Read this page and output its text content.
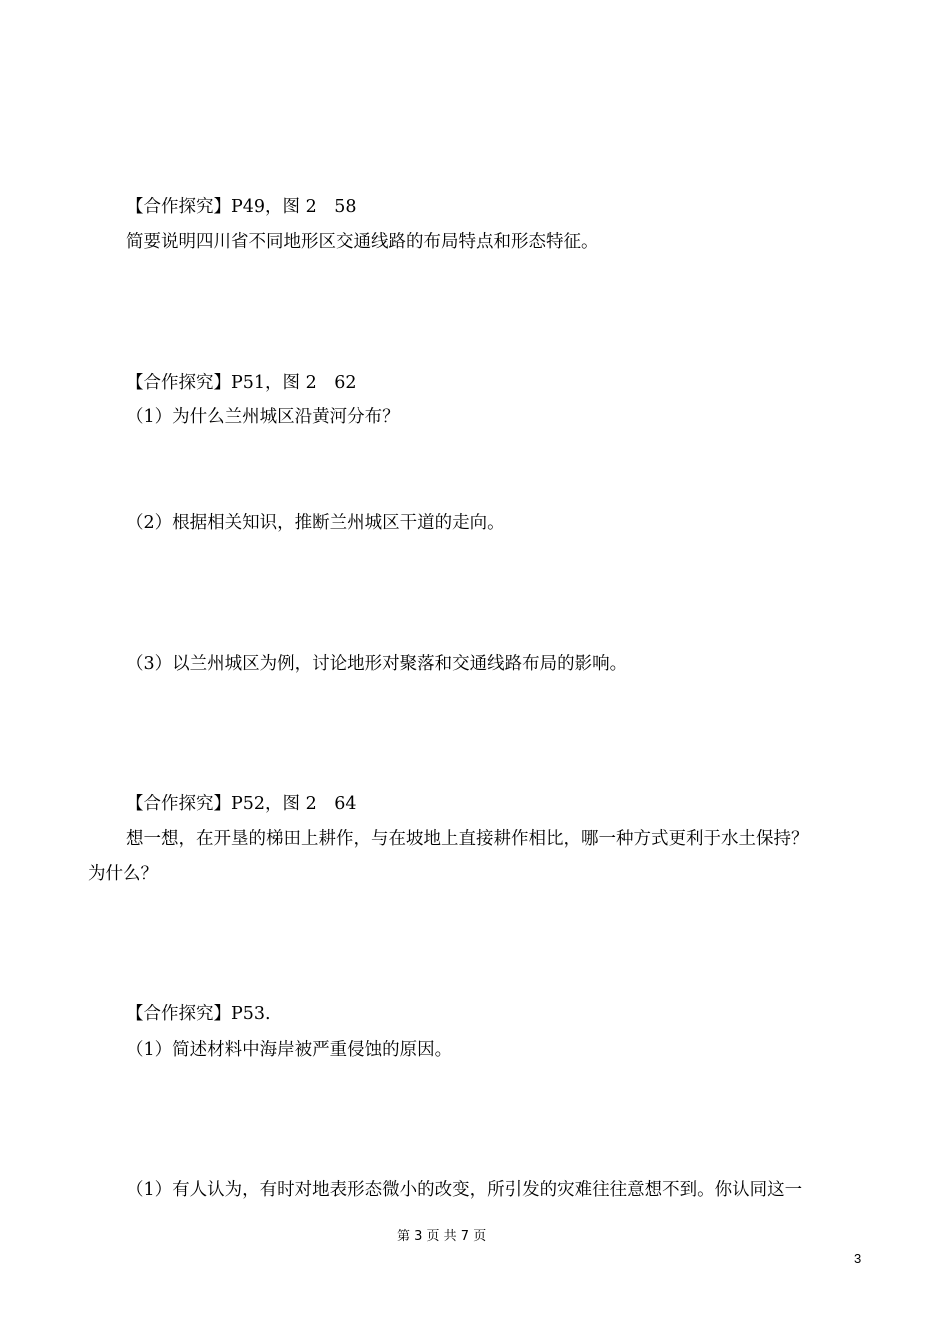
【合作探究】P49，图 2　58
简要说明四川省不同地形区交通线路的布局特点和形态特征。
【合作探究】P51，图 2　62
（1）为什么兰州城区沿黄河分布？
（2）根据相关知识，推断兰州城区干道的走向。
（3）以兰州城区为例，讨论地形对聚落和交通线路布局的影响。
【合作探究】P52，图 2　64
想一想，在开垦的梯田上耕作，与在坡地上直接耕作相比，哪一种方式更利于水土保持？
为什么？
【合作探究】P53.
（1）简述材料中海岸被严重侵蚀的原因。
（1）有人认为，有时对地表形态微小的改变，所引发的灾难往往意想不到。你认同这一
第 3 页 共 7 页
3
